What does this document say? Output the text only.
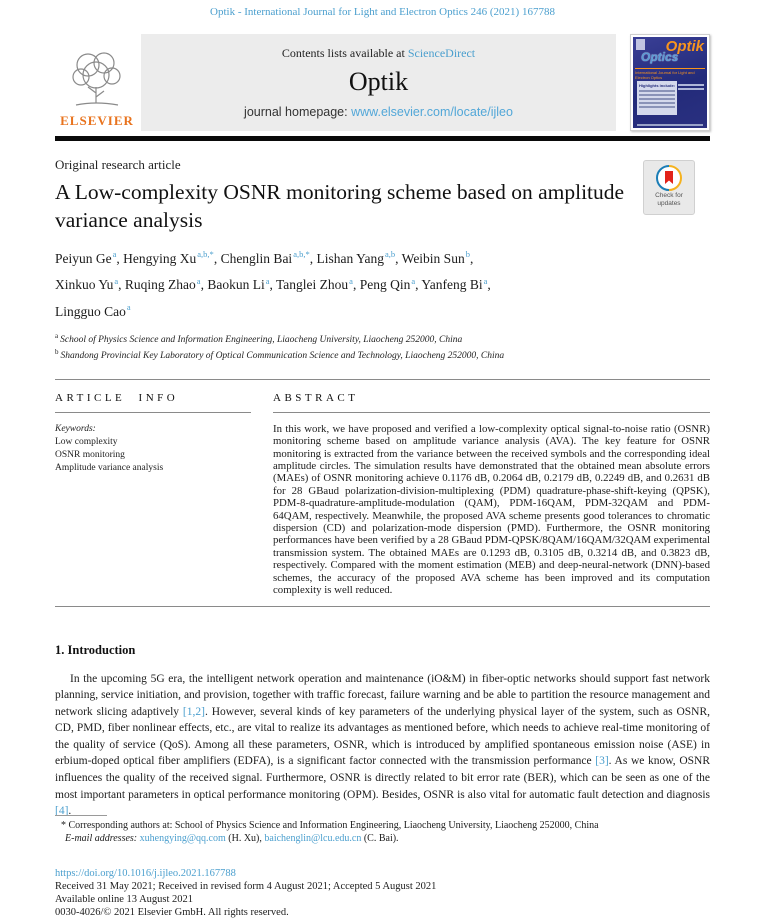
Optik - International Journal for Light and Electron Optics 246 (2021) 167788
ELSEVIER
Contents lists available at ScienceDirect
Optik
journal homepage: www.elsevier.com/locate/ijleo
Optik
Optics
International Journal for Light and Electron Optics
Highlights include:
Original research article
A Low-complexity OSNR monitoring scheme based on amplitude variance analysis
Check for
updates
Peiyun Ge$^a$, Hengying $Xu^{a,b,*}$, Chenglin Bai$^{a,b,*}$, Lishan Yang$^{a,b}$, Weibin Sun$^b$,
Xinkuo Yu$^a$, Ruqing Zhao$^a$, Baokun Li$^a$, Tanglei Zhou$^a$, Peng Qin$^a$, Yanfeng Bi$^a$,
Lingguo Cao$^a$
$^a$ School of Physics Science and Information Engineering, Liaocheng University, Liaocheng 252000, China
$^b$ Shandong Provincial Key Laboratory of Optical Communication Science and Technology, Liaocheng 252000, China
ARTICLE INFO
Keywords:
Low complexity
OSNR monitoring
Amplitude variance analysis
ABSTRACT
In this work, we have proposed and verified a low-complexity optical signal-to-noise ratio (OSNR) monitoring scheme based on amplitude variance analysis (AVA). The key feature for OSNR monitoring is extracted from the variance between the received symbols and the corresponding ideal amplitude circles. The simulation results have demonstrated that the obtained mean absolute errors (MAEs) of OSNR monitoring achieve 0.1176 dB, 0.2064 dB, 0.2179 dB, 0.2249 dB, and 0.2631 dB for 28 GBaud polarization-division-multiplexing (PDM) quadrature-phase-shift-keying (QPSK), PDM-8-quadrature-amplitude-modulation (QAM), PDM-16QAM, PDM-32QAM and PDM-64QAM, respectively. Meanwhile, the proposed AVA scheme presents good tolerances to chromatic dispersion (CD) and polarization-mode dispersion (PMD). Furthermore, the OSNR monitoring performances have been verified by a 28 GBaud PDM-QPSK/8QAM/16QAM/32QAM experimental transmission system. The obtained MAEs are 0.1293 dB, 0.3105 dB, 0.3214 dB, and 0.3823 dB, respectively. Compared with the moment estimation (MEB) and deep-neural-network (DNN)-based schemes, the accuracy of the proposed AVA scheme has been improved and its computation complexity is well reduced.
1. Introduction
In the upcoming 5G era, the intelligent network operation and maintenance (iO&M) in fiber-optic networks should support fast network planning, service initiation, and provision, together with traffic forecast, failure warning and be able to partition the resource management and network slicing adaptively [1,2]. However, several kinds of key parameters of the underlying physical layer of the system, such as OSNR, CD, PMD, fiber nonlinear effects, etc., are vital to realize its advantages as mentioned before, which needs to achieve real-time monitoring of the quality of service (QoS). Among all these parameters, OSNR, which is introduced by amplified spontaneous emission noise (ASE) in erbium-doped optical fiber amplifiers (EDFA), is a significant factor connected with the transmission performance [3]. As we know, OSNR influences the quality of the received signal. Furthermore, OSNR is directly related to bit error rate (BER), which can be seen as one of the most important parameters in optical performance monitoring (OPM). Besides, OSNR is also vital for automatic fault detection and diagnosis [4].
* Corresponding authors at: School of Physics Science and Information Engineering, Liaocheng University, Liaocheng 252000, China
E-mail addresses: xuhengying@qq.com (H. Xu), baichenglin@lcu.edu.cn (C. Bai).
https://doi.org/10.1016/j.ijleo.2021.167788
Received 31 May 2021; Received in revised form 4 August 2021; Accepted 5 August 2021
Available online 13 August 2021
0030-4026/© 2021 Elsevier GmbH. All rights reserved.
